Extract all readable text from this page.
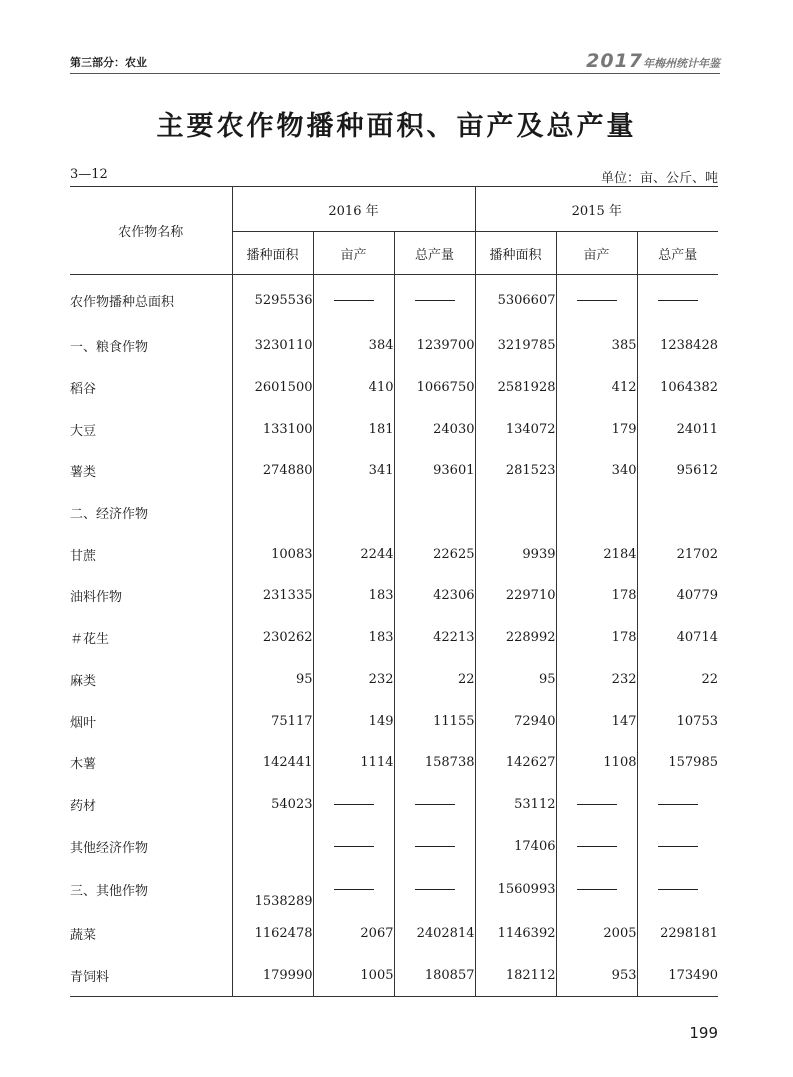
第三部分：农业	2017年梅州统计年鉴
主要农作物播种面积、亩产及总产量
3—12	单位：亩、公斤、吨
农作物名称	2016 年			2015 年		
	播种面积	亩产	总产量	播种面积	亩产	总产量
农作物播种总面积	5295536			5306607		
一、粮食作物	3230110	384	1239700	3219785	385	1238428
稻谷	2601500	410	1066750	2581928	412	1064382
大豆	133100	181	24030	134072	179	24011
薯类	274880	341	93601	281523	340	95612
二、经济作物						
甘蔗	10083	2244	22625	9939	2184	21702
油料作物	231335	183	42306	229710	178	40779
＃花生	230262	183	42213	228992	178	40714
麻类	95	232	22	95	232	22
烟叶	75117	149	11155	72940	147	10753
木薯	142441	1114	158738	142627	1108	157985
药材	54023			53112		
其他经济作物				17406		
三、其他作物	1538289			1560993		
蔬菜	1162478	2067	2402814	1146392	2005	2298181
青饲料	179990	1005	180857	182112	953	173490
199
